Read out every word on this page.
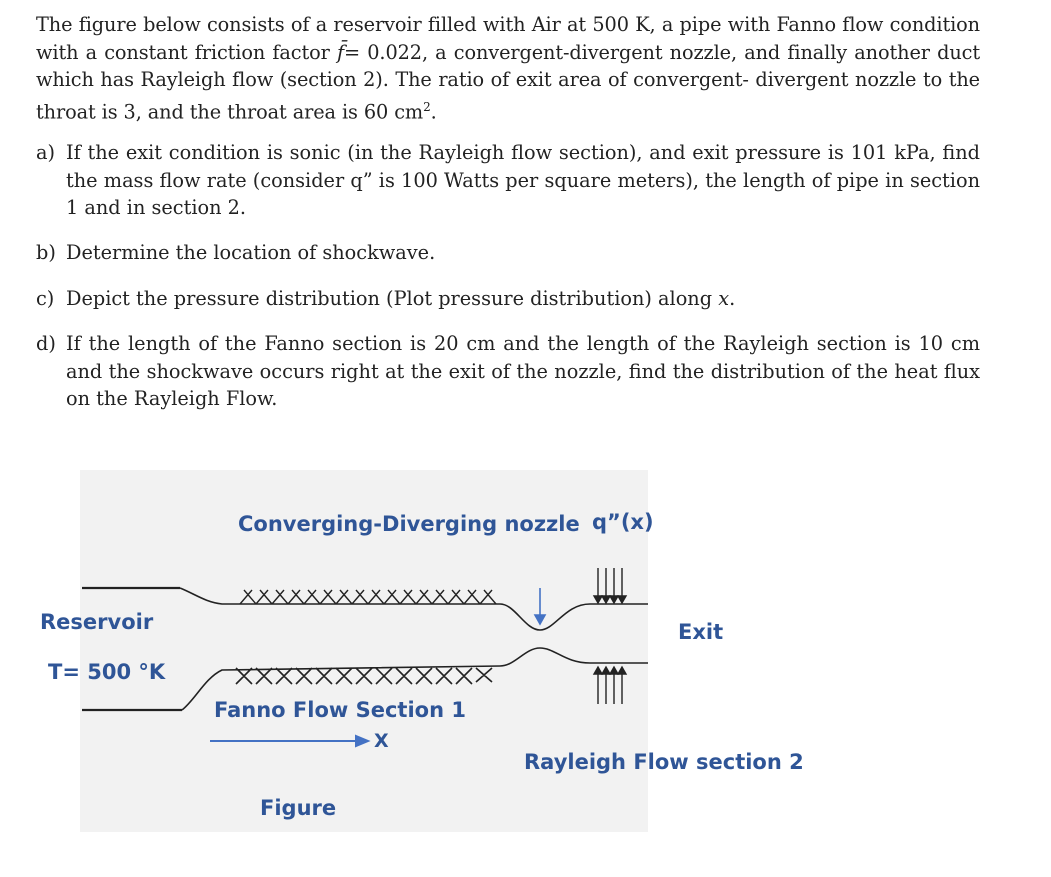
The figure below consists of a reservoir filled with Air at 500 K, a pipe with Fanno flow condition with a constant friction factor f̄= 0.022, a convergent-divergent nozzle, and finally another duct which has Rayleigh flow (section 2). The ratio of exit area of convergent- divergent nozzle to the throat is 3, and the throat area is 60 $cm^2$.
a) If the exit condition is sonic (in the Rayleigh flow section), and exit pressure is 101 kPa, find the mass flow rate (consider q” is 100 Watts per square meters), the length of pipe in section 1 and in section 2.
b) Determine the location of shockwave.
c) Depict the pressure distribution (Plot pressure distribution) along x.
d) If the length of the Fanno section is 20 cm and the length of the Rayleigh section is 10 cm and the shockwave occurs right at the exit of the nozzle, find the distribution of the heat flux on the Rayleigh Flow.
Converging-Diverging nozzle q”(x)
Reservoir
T= 500 °K
Exit
Fanno Flow Section 1
X
Rayleigh Flow section 2
Figure
